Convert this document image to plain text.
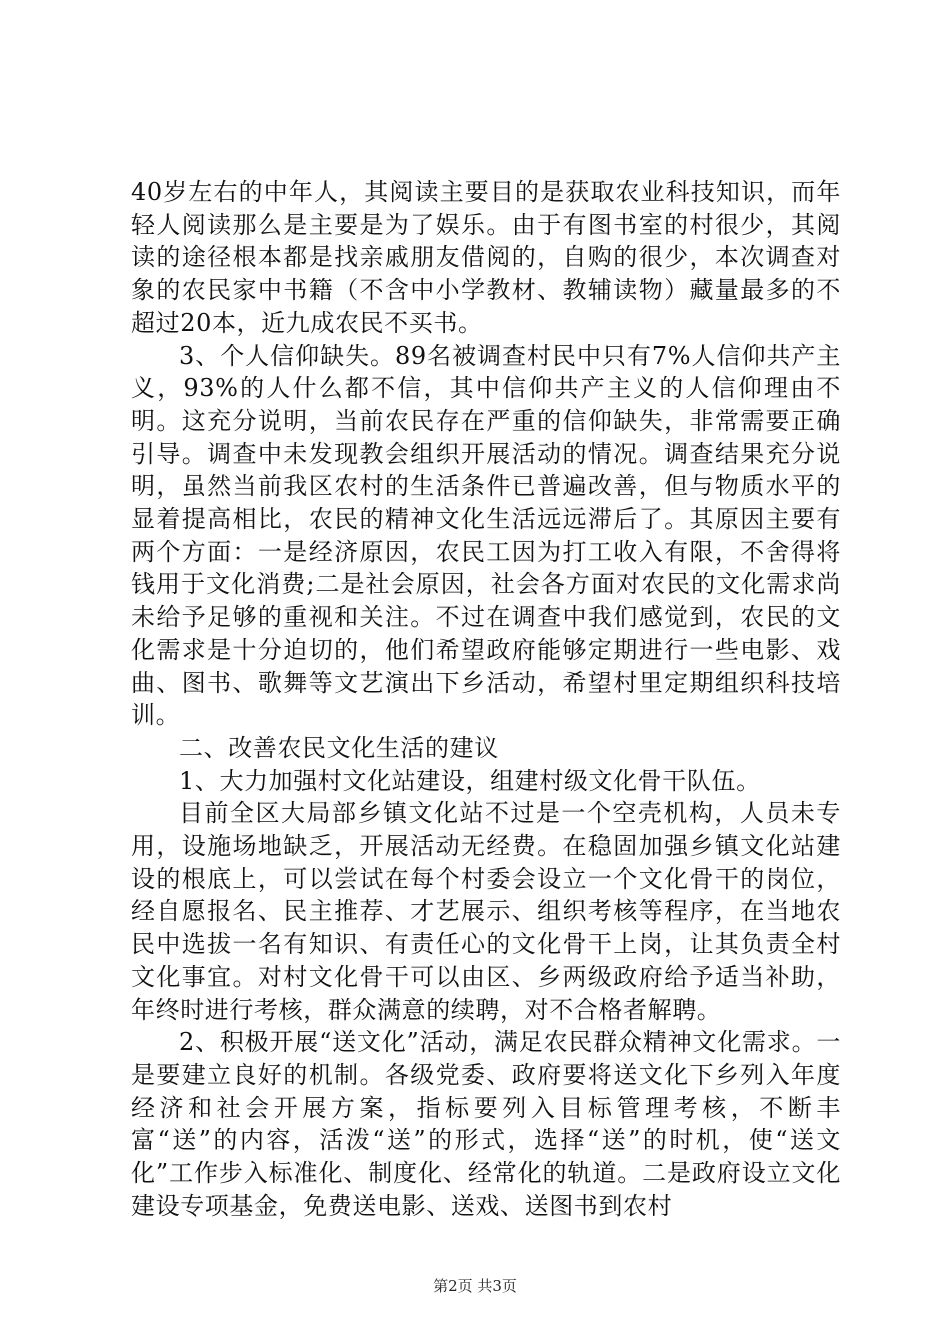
40岁左右的中年人，其阅读主要目的是获取农业科技知识，而年轻人阅读那么是主要是为了娱乐。由于有图书室的村很少，其阅读的途径根本都是找亲戚朋友借阅的，自购的很少，本次调查对象的农民家中书籍（不含中小学教材、教辅读物）藏量最多的不超过20本，近九成农民不买书。

3、个人信仰缺失。89名被调查村民中只有7%人信仰共产主义，93%的人什么都不信，其中信仰共产主义的人信仰理由不明。这充分说明，当前农民存在严重的信仰缺失，非常需要正确引导。调查中未发现教会组织开展活动的情况。调查结果充分说明，虽然当前我区农村的生活条件已普遍改善，但与物质水平的显着提高相比，农民的精神文化生活远远滞后了。其原因主要有两个方面：一是经济原因，农民工因为打工收入有限，不舍得将钱用于文化消费;二是社会原因，社会各方面对农民的文化需求尚未给予足够的重视和关注。不过在调查中我们感觉到，农民的文化需求是十分迫切的，他们希望政府能够定期进行一些电影、戏曲、图书、歌舞等文艺演出下乡活动，希望村里定期组织科技培训。

二、改善农民文化生活的建议

1、大力加强村文化站建设，组建村级文化骨干队伍。

目前全区大局部乡镇文化站不过是一个空壳机构，人员未专用，设施场地缺乏，开展活动无经费。在稳固加强乡镇文化站建设的根底上，可以尝试在每个村委会设立一个文化骨干的岗位，经自愿报名、民主推荐、才艺展示、组织考核等程序，在当地农民中选拔一名有知识、有责任心的文化骨干上岗，让其负责全村文化事宜。对村文化骨干可以由区、乡两级政府给予适当补助，年终时进行考核，群众满意的续聘，对不合格者解聘。

2、积极开展“送文化”活动，满足农民群众精神文化需求。一是要建立良好的机制。各级党委、政府要将送文化下乡列入年度经济和社会开展方案，指标要列入目标管理考核，不断丰富“送”的内容，活泼“送”的形式，选择“送”的时机，使“送文化”工作步入标准化、制度化、经常化的轨道。二是政府设立文化建设专项基金，免费送电影、送戏、送图书到农村

第2页 共3页
